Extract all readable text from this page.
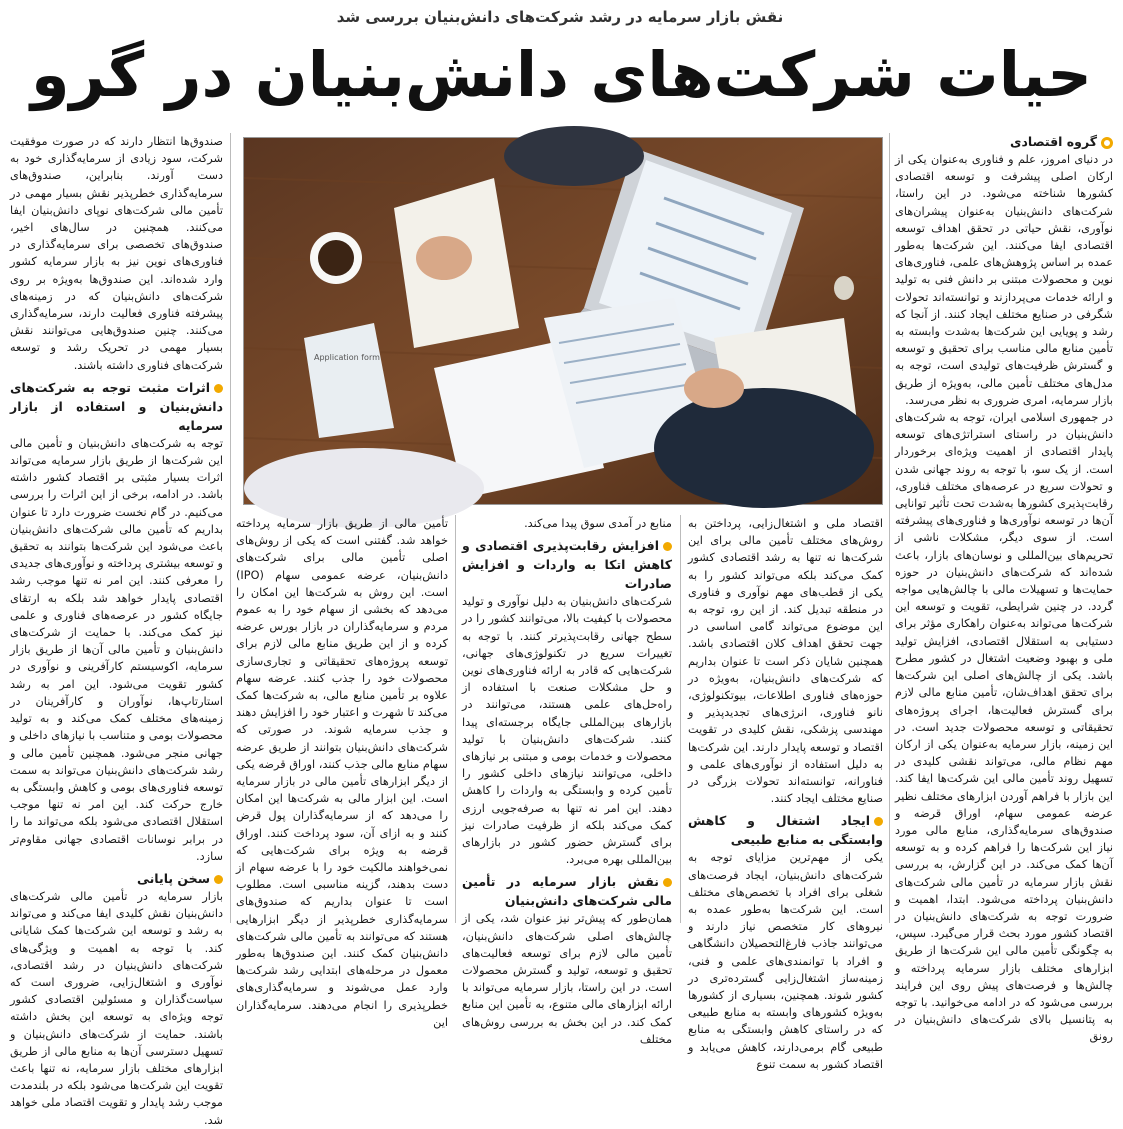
نقش بازار سرمایه در رشد شرکت‌های دانش‌بنیان بررسی شد
حیات شرکت‌های دانش‌بنیان در گرو
Application form
گروه اقتصادی

در دنیای امروز، علم و فناوری به‌عنوان یکی از ارکان اصلی پیشرفت و توسعه اقتصادی کشورها شناخته می‌شود. در این راستا، شرکت‌های دانش‌بنیان به‌عنوان پیشران‌های نوآوری، نقش حیاتی در تحقق اهداف توسعه اقتصادی ایفا می‌کنند. این شرکت‌ها به‌طور عمده بر اساس پژوهش‌های علمی، فناوری‌های نوین و محصولات مبتنی بر دانش فنی به تولید و ارائه خدمات می‌پردازند و توانسته‌اند تحولات شگرفی در صنایع مختلف ایجاد کنند. از آنجا که رشد و پویایی این شرکت‌ها به‌شدت وابسته به تأمین منابع مالی مناسب برای تحقیق و توسعه و گسترش ظرفیت‌های تولیدی است، توجه به مدل‌های مختلف تأمین مالی، به‌ویژه از طریق بازار سرمایه، امری ضروری به نظر می‌رسد.

در جمهوری اسلامی ایران، توجه به شرکت‌های دانش‌بنیان در راستای استراتژی‌های توسعه پایدار اقتصادی از اهمیت ویژه‌ای برخوردار است. از یک سو، با توجه به روند جهانی شدن و تحولات سریع در عرصه‌های مختلف فناوری، رقابت‌پذیری کشورها به‌شدت تحت تأثیر توانایی آن‌ها در توسعه نوآوری‌ها و فناوری‌های پیشرفته است. از سوی دیگر، مشکلات ناشی از تحریم‌های بین‌المللی و نوسان‌های بازار، باعث شده‌اند که شرکت‌های دانش‌بنیان در حوزه حمایت‌ها و تسهیلات مالی با چالش‌هایی مواجه گردد. در چنین شرایطی، تقویت و توسعه این شرکت‌ها می‌تواند به‌عنوان راهکاری مؤثر برای دستیابی به استقلال اقتصادی، افزایش تولید ملی و بهبود وضعیت اشتغال در کشور مطرح باشد. یکی از چالش‌های اصلی این شرکت‌ها برای تحقق اهداف‌شان، تأمین منابع مالی لازم برای گسترش فعالیت‌ها، اجرای پروژه‌های تحقیقاتی و توسعه محصولات جدید است. در این زمینه، بازار سرمایه به‌عنوان یکی از ارکان مهم نظام مالی، می‌تواند نقشی کلیدی در تسهیل روند تأمین مالی این شرکت‌ها ایفا کند. این بازار با فراهم آوردن ابزارهای مختلف نظیر عرضه عمومی سهام، اوراق قرضه و صندوق‌های سرمایه‌گذاری، منابع مالی مورد نیاز این شرکت‌ها را فراهم کرده و به توسعه آن‌ها کمک می‌کند. در این گزارش، به بررسی نقش بازار سرمایه در تأمین مالی شرکت‌های دانش‌بنیان پرداخته می‌شود. ابتدا، اهمیت و ضرورت توجه به شرکت‌های دانش‌بنیان در اقتصاد کشور مورد بحث قرار می‌گیرد. سپس، به چگونگی تأمین مالی این شرکت‌ها از طریق ابزارهای مختلف بازار سرمایه پرداخته و چالش‌ها و فرصت‌های پیش روی این فرایند بررسی می‌شود که در ادامه می‌خوانید. با توجه به پتانسیل بالای شرکت‌های دانش‌بنیان در رونق

اقتصاد ملی و اشتغال‌زایی، پرداختن به روش‌های مختلف تأمین مالی برای این شرکت‌ها نه تنها به رشد اقتصادی کشور کمک می‌کند بلکه می‌تواند کشور را به یکی از قطب‌های مهم نوآوری و فناوری در منطقه تبدیل کند. از این رو، توجه به این موضوع می‌تواند گامی اساسی در جهت تحقق اهداف کلان اقتصادی باشد. همچنین شایان ذکر است تا عنوان بداریم که شرکت‌های دانش‌بنیان، به‌ویژه در حوزه‌های فناوری اطلاعات، بیوتکنولوژی، نانو فناوری، انرژی‌های تجدیدپذیر و مهندسی پزشکی، نقش کلیدی در تقویت اقتصاد و توسعه پایدار دارند. این شرکت‌ها به دلیل استفاده از نوآوری‌های علمی و فناورانه، توانسته‌اند تحولات بزرگی در صنایع مختلف ایجاد کنند.

ایجاد اشتغال و کاهش وابستگی به منابع طبیعی

یکی از مهم‌ترین مزایای توجه به شرکت‌های دانش‌بنیان، ایجاد فرصت‌های شغلی برای افراد با تخصص‌های مختلف است. این شرکت‌ها به‌طور عمده به نیروهای کار متخصص نیاز دارند و می‌توانند جاذب فارغ‌التحصیلان دانشگاهی و افراد با توانمندی‌های علمی و فنی، زمینه‌ساز اشتغال‌زایی گسترده‌تری در کشور شوند. همچنین، بسیاری از کشورها به‌ویژه کشورهای وابسته به منابع طبیعی که در راستای کاهش وابستگی به منابع طبیعی گام برمی‌دارند، کاهش می‌یابد و اقتصاد کشور به سمت تنوع

منابع در آمدی سوق پیدا می‌کند.

افزایش رقابت‌پذیری اقتصادی و کاهش اتکا به واردات و افزایش صادرات

شرکت‌های دانش‌بنیان به دلیل نوآوری و تولید محصولات با کیفیت بالا، می‌توانند کشور را در سطح جهانی رقابت‌پذیرتر کنند. با توجه به تغییرات سریع در تکنولوژی‌های جهانی، شرکت‌هایی که قادر به ارائه فناوری‌های نوین و حل مشکلات صنعت با استفاده از راه‌حل‌های علمی هستند، می‌توانند در بازارهای بین‌المللی جایگاه برجسته‌ای پیدا کنند. شرکت‌های دانش‌بنیان با تولید محصولات و خدمات بومی و مبتنی بر نیازهای داخلی، می‌توانند نیازهای داخلی کشور را تأمین کرده و وابستگی به واردات را کاهش دهند. این امر نه تنها به صرفه‌جویی ارزی کمک می‌کند بلکه از ظرفیت صادرات نیز برای گسترش حضور کشور در بازارهای بین‌المللی بهره می‌برد.

نقش بازار سرمایه در تأمین مالی شرکت‌های دانش‌بنیان

همان‌طور که پیش‌تر نیز عنوان شد، یکی از چالش‌های اصلی شرکت‌های دانش‌بنیان، تأمین مالی لازم برای توسعه فعالیت‌های تحقیق و توسعه، تولید و گسترش محصولات است. در این راستا، بازار سرمایه می‌تواند با ارائه ابزارهای مالی متنوع، به تأمین این منابع کمک کند. در این بخش به بررسی روش‌های مختلف

تأمین مالی از طریق بازار سرمایه پرداخته خواهد شد. گفتنی است که یکی از روش‌های اصلی تأمین مالی برای شرکت‌های دانش‌بنیان، عرضه عمومی سهام (IPO) است. این روش به شرکت‌ها این امکان را می‌دهد که بخشی از سهام خود را به عموم مردم و سرمایه‌گذاران در بازار بورس عرضه کرده و از این طریق منابع مالی لازم برای توسعه پروژه‌های تحقیقاتی و تجاری‌سازی محصولات خود را جذب کنند. عرضه سهام علاوه بر تأمین منابع مالی، به شرکت‌ها کمک می‌کند تا شهرت و اعتبار خود را افزایش دهند و جذب سرمایه شوند. در صورتی که شرکت‌های دانش‌بنیان بتوانند از طریق عرضه سهام منابع مالی جذب کنند، اوراق قرضه یکی از دیگر ابزارهای تأمین مالی در بازار سرمایه است. این ابزار مالی به شرکت‌ها این امکان را می‌دهد که از سرمایه‌گذاران پول قرض کنند و به ازای آن، سود پرداخت کنند. اوراق قرضه به ویژه برای شرکت‌هایی که نمی‌خواهند مالکیت خود را با عرضه سهام از دست بدهند، گزینه مناسبی است. مطلوب است تا عنوان بداریم که صندوق‌های سرمایه‌گذاری خطرپذیر از دیگر ابزارهایی هستند که می‌توانند به تأمین مالی شرکت‌های دانش‌بنیان کمک کنند. این صندوق‌ها به‌طور معمول در مرحله‌های ابتدایی رشد شرکت‌ها وارد عمل می‌شوند و سرمایه‌گذاری‌های خطرپذیری را انجام می‌دهند. سرمایه‌گذاران این

صندوق‌ها انتظار دارند که در صورت موفقیت شرکت، سود زیادی از سرمایه‌گذاری خود به دست آورند. بنابراین، صندوق‌های سرمایه‌گذاری خطرپذیر نقش بسیار مهمی در تأمین مالی شرکت‌های نوپای دانش‌بنیان ایفا می‌کنند. همچنین در سال‌های اخیر، صندوق‌های تخصصی برای سرمایه‌گذاری در فناوری‌های نوین نیز به بازار سرمایه کشور وارد شده‌اند. این صندوق‌ها به‌ویژه بر روی شرکت‌های دانش‌بنیان که در زمینه‌های پیشرفته فناوری فعالیت دارند، سرمایه‌گذاری می‌کنند. چنین صندوق‌هایی می‌توانند نقش بسیار مهمی در تحریک رشد و توسعه شرکت‌های فناوری داشته باشند.

اثرات مثبت توجه به شرکت‌های دانش‌بنیان و استفاده از بازار سرمایه

توجه به شرکت‌های دانش‌بنیان و تأمین مالی این شرکت‌ها از طریق بازار سرمایه می‌تواند اثرات بسیار مثبتی بر اقتصاد کشور داشته باشد. در ادامه، برخی از این اثرات را بررسی می‌کنیم. در گام نخست ضرورت دارد تا عنوان بداریم که تأمین مالی شرکت‌های دانش‌بنیان باعث می‌شود این شرکت‌ها بتوانند به تحقیق و توسعه بیشتری پرداخته و نوآوری‌های جدیدی را معرفی کنند. این امر نه تنها موجب رشد اقتصادی پایدار خواهد شد بلکه به ارتقای جایگاه کشور در عرصه‌های فناوری و علمی نیز کمک می‌کند. با حمایت از شرکت‌های دانش‌بنیان و تأمین مالی آن‌ها از طریق بازار سرمایه، اکوسیستم کارآفرینی و نوآوری در کشور تقویت می‌شود. این امر به رشد استارتاپ‌ها، نوآوران و کارآفرینان در زمینه‌های مختلف کمک می‌کند و به تولید محصولات بومی و متناسب با نیازهای داخلی و جهانی منجر می‌شود. همچنین تأمین مالی و رشد شرکت‌های دانش‌بنیان می‌تواند به سمت توسعه فناوری‌های بومی و کاهش وابستگی به خارج حرکت کند. این امر نه تنها موجب استقلال اقتصادی می‌شود بلکه می‌تواند ما را در برابر نوسانات اقتصادی جهانی مقاوم‌تر سازد.

سخن پایانی

بازار سرمایه در تأمین مالی شرکت‌های دانش‌بنیان نقش کلیدی ایفا می‌کند و می‌تواند به رشد و توسعه این شرکت‌ها کمک شایانی کند. با توجه به اهمیت و ویژگی‌های شرکت‌های دانش‌بنیان در رشد اقتصادی، نوآوری و اشتغال‌زایی، ضروری است که سیاست‌گذاران و مسئولین اقتصادی کشور توجه ویژه‌ای به توسعه این بخش داشته باشند. حمایت از شرکت‌های دانش‌بنیان و تسهیل دسترسی آن‌ها به منابع مالی از طریق ابزارهای مختلف بازار سرمایه، نه تنها باعث تقویت این شرکت‌ها می‌شود بلکه در بلندمدت موجب رشد پایدار و تقویت اقتصاد ملی خواهد شد.
